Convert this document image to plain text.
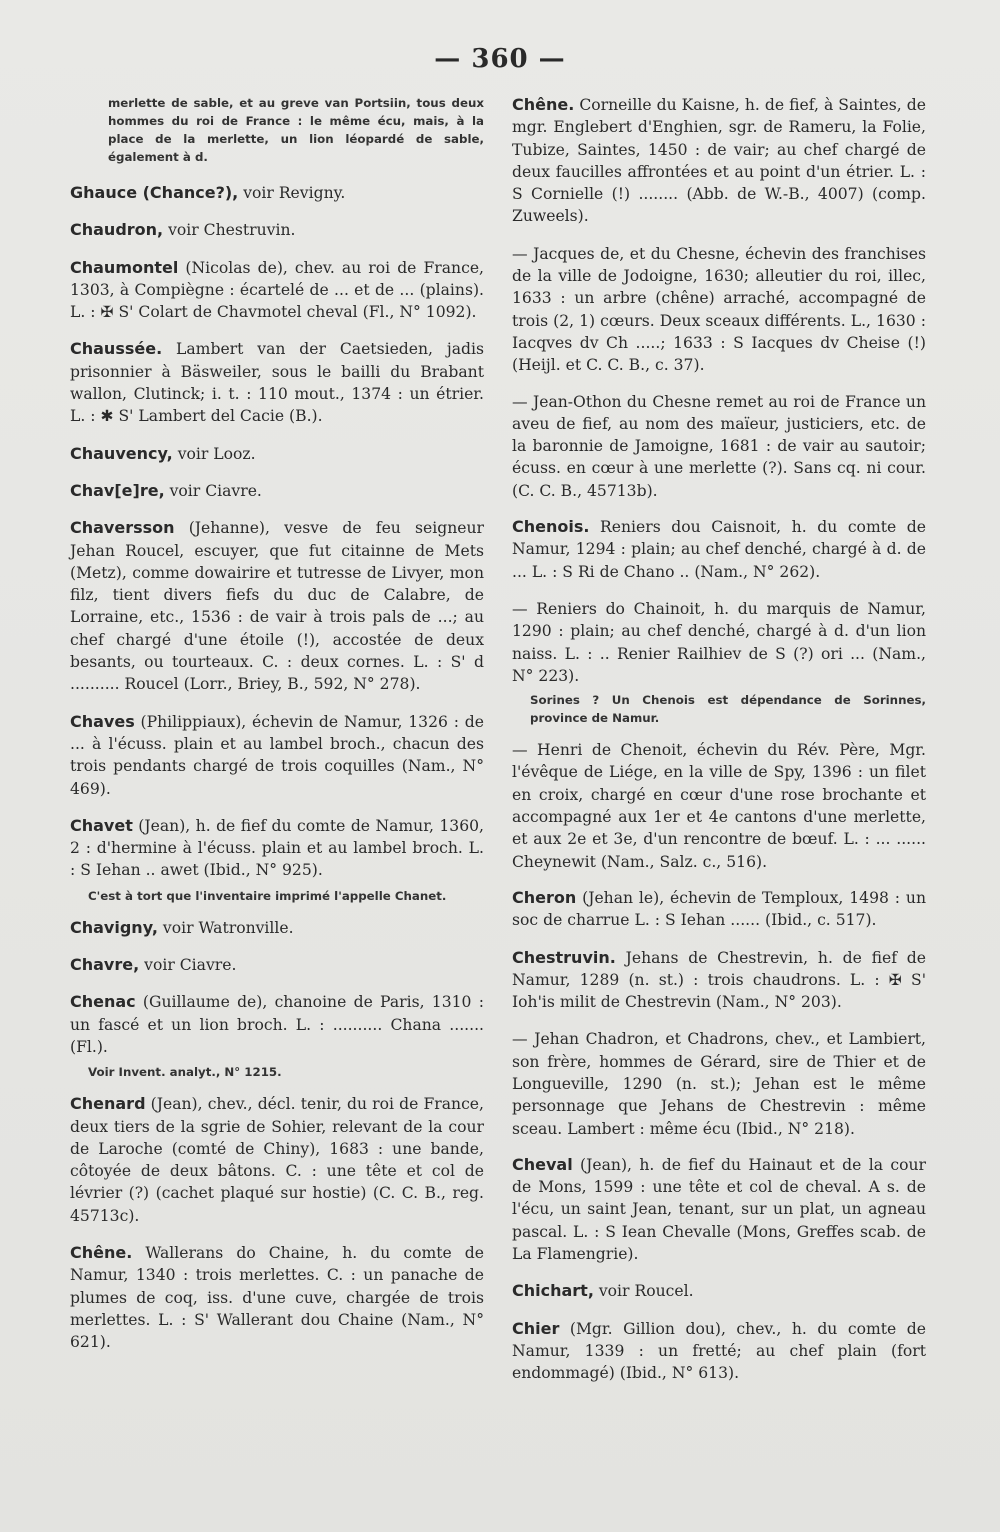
— 360 —
merlette de sable, et au greve van Portsiin, tous deux hommes du roi de France : le même écu, mais, à la place de la merlette, un lion léopardé de sable, également à d.
Ghauce (Chance?), voir Revigny.
Chaudron, voir Chestruvin.
Chaumontel (Nicolas de), chev. au roi de France, 1303, à Compiègne : écartelé de ... et de ... (plains). L. : ✠ S' Colart de Chavmotel cheval (Fl., N° 1092).
Chaussée. Lambert van der Caetsieden, jadis prisonnier à Bäsweiler, sous le bailli du Brabant wallon, Clutinck; i. t. : 110 mout., 1374 : un étrier. L. : ✱ S' Lambert del Cacie (B.).
Chauvency, voir Looz.
Chav[e]re, voir Ciavre.
Chaversson (Jehanne), vesve de feu seigneur Jehan Roucel, escuyer, que fut citainne de Mets (Metz), comme dowairire et tutresse de Livyer, mon filz, tient divers fiefs du duc de Calabre, de Lorraine, etc., 1536 : de vair à trois pals de ...; au chef chargé d'une étoile (!), accostée de deux besants, ou tourteaux. C. : deux cornes. L. : S' d .......... Roucel (Lorr., Briey, B., 592, N° 278).
Chaves (Philippiaux), échevin de Namur, 1326 : de ... à l'écuss. plain et au lambel broch., chacun des trois pendants chargé de trois coquilles (Nam., N° 469).
Chavet (Jean), h. de fief du comte de Namur, 1360, 2 : d'hermine à l'écuss. plain et au lambel broch. L. : S Iehan .. awet (Ibid., N° 925).
C'est à tort que l'inventaire imprimé l'appelle Chanet.
Chavigny, voir Watronville.
Chavre, voir Ciavre.
Chenac (Guillaume de), chanoine de Paris, 1310 : un fascé et un lion broch. L. : .......... Chana ....... (Fl.).
Voir Invent. analyt., N° 1215.
Chenard (Jean), chev., décl. tenir, du roi de France, deux tiers de la sgrie de Sohier, relevant de la cour de Laroche (comté de Chiny), 1683 : une bande, côtoyée de deux bâtons. C. : une tête et col de lévrier (?) (cachet plaqué sur hostie) (C. C. B., reg. 45713c).
Chêne. Wallerans do Chaine, h. du comte de Namur, 1340 : trois merlettes. C. : un panache de plumes de coq, iss. d'une cuve, chargée de trois merlettes. L. : S' Wallerant dou Chaine (Nam., N° 621).
Chêne. Corneille du Kaisne, h. de fief, à Saintes, de mgr. Englebert d'Enghien, sgr. de Rameru, la Folie, Tubize, Saintes, 1450 : de vair; au chef chargé de deux faucilles affrontées et au point d'un étrier. L. : S Cornielle (!) ........ (Abb. de W.-B., 4007) (comp. Zuweels).
— Jacques de, et du Chesne, échevin des franchises de la ville de Jodoigne, 1630; alleutier du roi, illec, 1633 : un arbre (chêne) arraché, accompagné de trois (2, 1) cœurs. Deux sceaux différents. L., 1630 : Iacqves dv Ch .....; 1633 : S Iacques dv Cheise (!) (Heijl. et C. C. B., c. 37).
— Jean-Othon du Chesne remet au roi de France un aveu de fief, au nom des maïeur, justiciers, etc. de la baronnie de Jamoigne, 1681 : de vair au sautoir; écuss. en cœur à une merlette (?). Sans cq. ni cour. (C. C. B., 45713b).
Chenois. Reniers dou Caisnoit, h. du comte de Namur, 1294 : plain; au chef denché, chargé à d. de ... L. : S Ri de Chano .. (Nam., N° 262).
— Reniers do Chainoit, h. du marquis de Namur, 1290 : plain; au chef denché, chargé à d. d'un lion naiss. L. : .. Renier Railhiev de S (?) ori ... (Nam., N° 223).
Sorines ? Un Chenois est dépendance de Sorinnes, province de Namur.
— Henri de Chenoit, échevin du Rév. Père, Mgr. l'évêque de Liége, en la ville de Spy, 1396 : un filet en croix, chargé en cœur d'une rose brochante et accompagné aux 1er et 4e cantons d'une merlette, et aux 2e et 3e, d'un rencontre de bœuf. L. : ... ...... Cheynewit (Nam., Salz. c., 516).
Cheron (Jehan le), échevin de Temploux, 1498 : un soc de charrue L. : S Iehan ...... (Ibid., c. 517).
Chestruvin. Jehans de Chestrevin, h. de fief de Namur, 1289 (n. st.) : trois chaudrons. L. : ✠ S' Ioh'is milit de Chestrevin (Nam., N° 203).
— Jehan Chadron, et Chadrons, chev., et Lambiert, son frère, hommes de Gérard, sire de Thier et de Longueville, 1290 (n. st.); Jehan est le même personnage que Jehans de Chestrevin : même sceau. Lambert : même écu (Ibid., N° 218).
Cheval (Jean), h. de fief du Hainaut et de la cour de Mons, 1599 : une tête et col de cheval. A s. de l'écu, un saint Jean, tenant, sur un plat, un agneau pascal. L. : S Iean Chevalle (Mons, Greffes scab. de La Flamengrie).
Chichart, voir Roucel.
Chier (Mgr. Gillion dou), chev., h. du comte de Namur, 1339 : un fretté; au chef plain (fort endommagé) (Ibid., N° 613).
